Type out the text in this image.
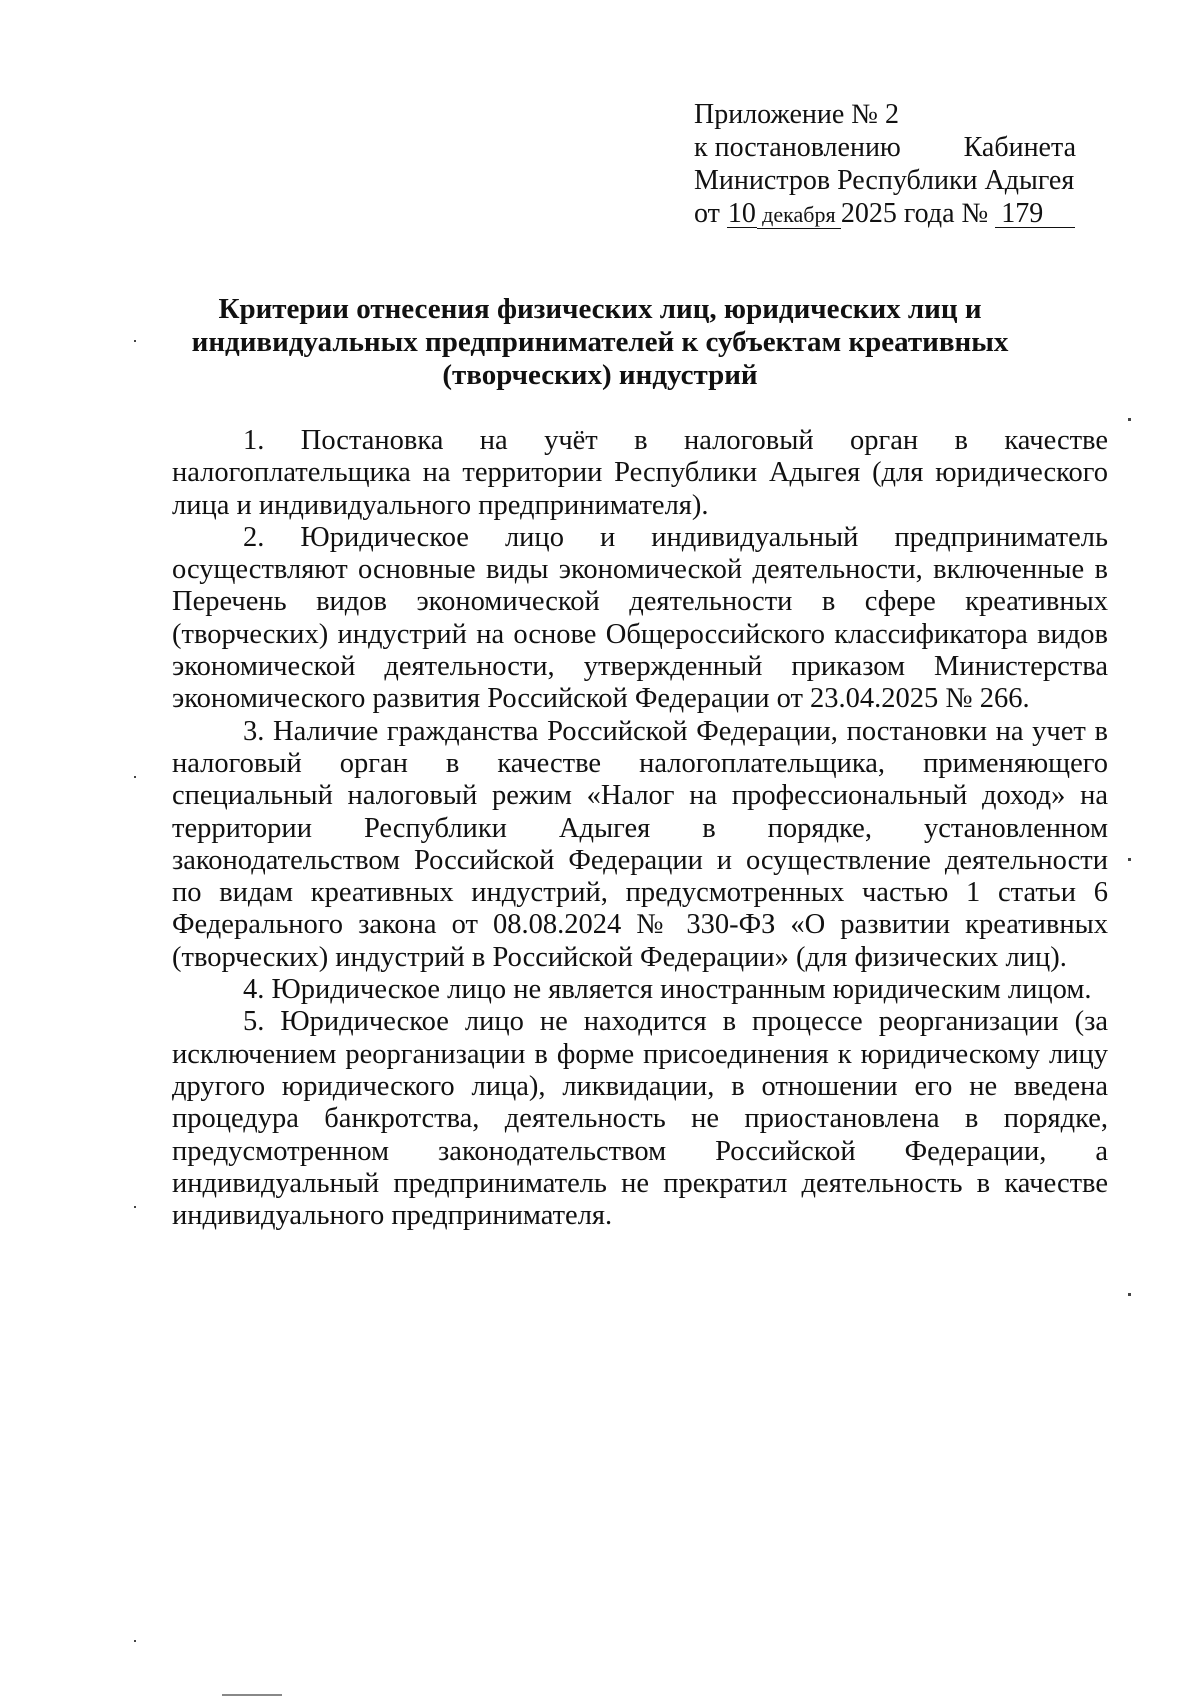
Приложение № 2
к постановлению Кабинета
Министров Республики Адыгея
от 10 декабря 2025 года № 179
Критерии отнесения физических лиц, юридических лиц и
индивидуальных предпринимателей к субъектам креативных
(творческих) индустрий

1. Постановка на учёт в налоговый орган в качестве налогоплательщика на территории Республики Адыгея (для юридического лица и индивидуального предпринимателя).

2. Юридическое лицо и индивидуальный предприниматель осуществляют основные виды экономической деятельности, включенные в Перечень видов экономической деятельности в сфере креативных (творческих) индустрий на основе Общероссийского классификатора видов экономической деятельности, утвержденный приказом Министерства экономического развития Российской Федерации от 23.04.2025 № 266.

3. Наличие гражданства Российской Федерации, постановки на учет в налоговый орган в качестве налогоплательщика, применяющего специальный налоговый режим «Налог на профессиональный доход» на территории Республики Адыгея в порядке, установленном законодательством Российской Федерации и осуществление деятельности по видам креативных индустрий, предусмотренных частью 1 статьи 6 Федерального закона от 08.08.2024 № 330-ФЗ «О развитии креативных (творческих) индустрий в Российской Федерации» (для физических лиц).

4. Юридическое лицо не является иностранным юридическим лицом.

5. Юридическое лицо не находится в процессе реорганизации (за исключением реорганизации в форме присоединения к юридическому лицу другого юридического лица), ликвидации, в отношении его не введена процедура банкротства, деятельность не приостановлена в порядке, предусмотренном законодательством Российской Федерации, а индивидуальный предприниматель не прекратил деятельность в качестве индивидуального предпринимателя.
